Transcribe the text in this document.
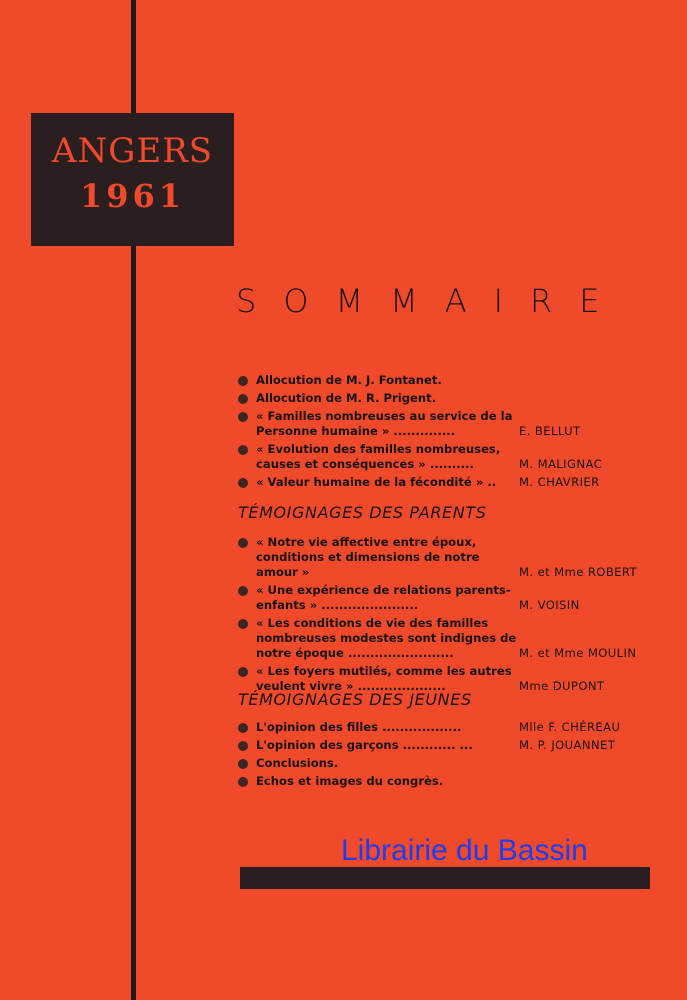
ANGERS
1961
SOMMAIRE
Allocution de M. J. Fontanet.
Allocution de M. R. Prigent.
« Familles nombreuses au service de la Personne humaine » ..............	E. BELLUT
« Evolution des familles nombreuses, causes et conséquences » ..........	M. MALIGNAC
« Valeur humaine de la fécondité » ..	M. CHAVRIER
TÉMOIGNAGES DES PARENTS
« Notre vie affective entre époux, conditions et dimensions de notre amour »	M. et Mme ROBERT
« Une expérience de relations parents-enfants » ......................	M. VOISIN
« Les conditions de vie des familles nombreuses modestes sont indignes de notre époque ........................	M. et Mme MOULIN
« Les foyers mutilés, comme les autres veulent vivre » ....................	Mme DUPONT
TÉMOIGNAGES DES JEUNES
L'opinion des filles ..................	Mlle F. CHÉREAU
L'opinion des garçons ............ ...	M. P. JOUANNET
Conclusions.
Echos et images du congrès.
Librairie du Bassin
